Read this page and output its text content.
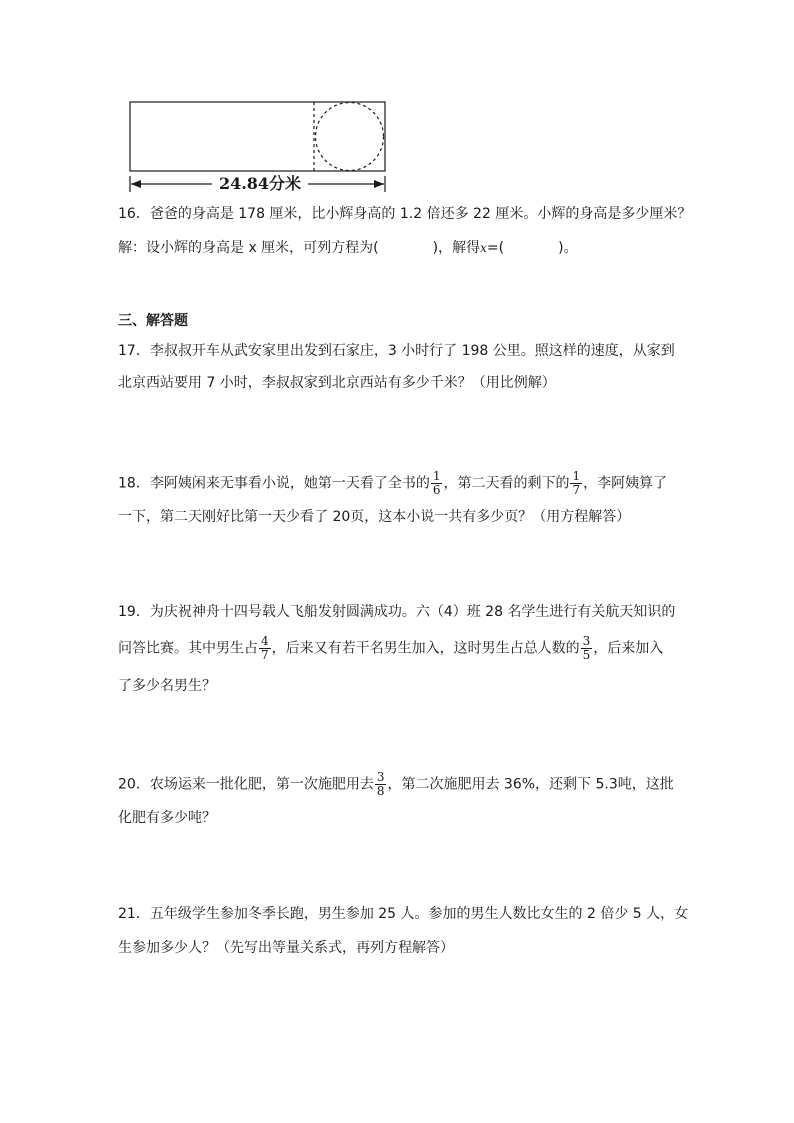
24.84分米
16．爸爸的身高是 178 厘米，比小辉身高的 1.2 倍还多 22 厘米。小辉的身高是多少厘米？
解：设小辉的身高是 x 厘米，可列方程为(	)，解得x=(	)。
三、解答题
17．李叔叔开车从武安家里出发到石家庄，3 小时行了 198 公里。照这样的速度，从家到
北京西站要用 7 小时，李叔叔家到北京西站有多少千米？（用比例解）
18．李阿姨闲来无事看小说，她第一天看了全书的 $\frac{1}{6}$ ，第二天看的剩下的 $\frac{1}{7}$ ，李阿姨算了
一下，第二天刚好比第一天少看了 20页，这本小说一共有多少页？（用方程解答）
19．为庆祝神舟十四号载人飞船发射圆满成功。六（4）班 28 名学生进行有关航天知识的
问答比赛。其中男生占 $\frac{4}{7}$ ，后来又有若干名男生加入，这时男生占总人数的 $\frac{3}{5}$ ，后来加入
了多少名男生？
20．农场运来一批化肥，第一次施肥用去 $\frac{3}{8}$ ，第二次施肥用去 36%，还剩下 5.3吨，这批
化肥有多少吨？
21．五年级学生参加冬季长跑，男生参加 25 人。参加的男生人数比女生的 2 倍少 5 人，女
生参加多少人？（先写出等量关系式，再列方程解答）
